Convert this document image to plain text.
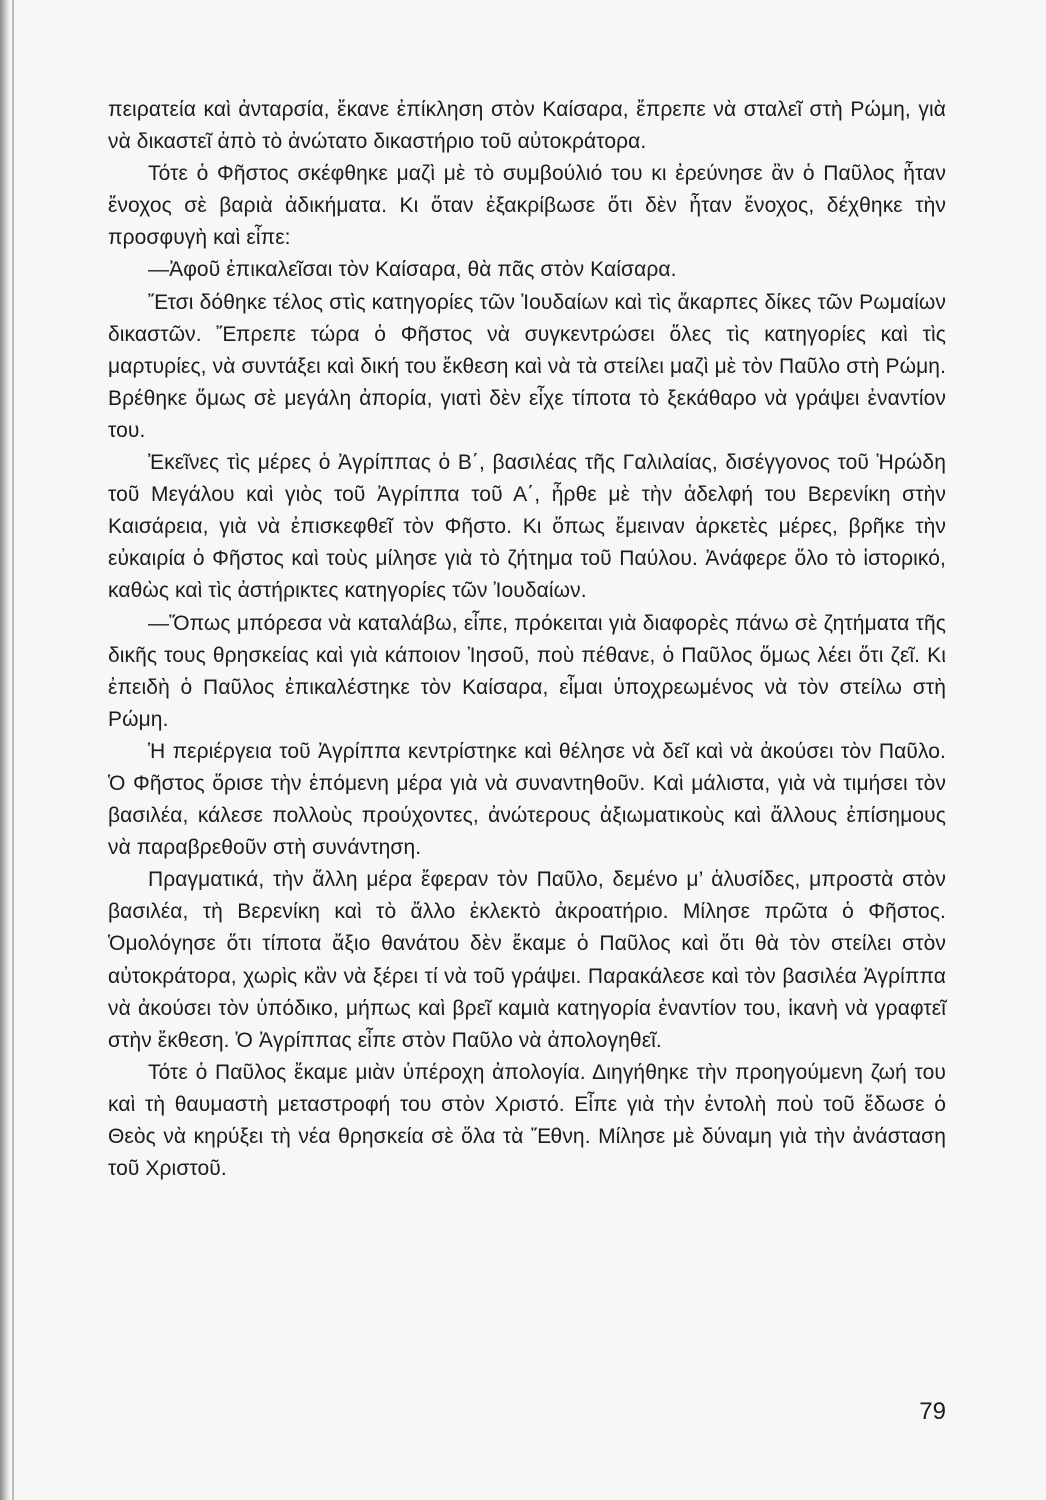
πειρατεία καὶ ἀνταρσία, ἔκανε ἐπίκληση στὸν Καίσαρα, ἔπρεπε νὰ σταλεῖ στὴ Ρώμη, γιὰ νὰ δικαστεῖ ἀπὸ τὸ ἀνώτατο δικαστήριο τοῦ αὐτοκράτορα.

Τότε ὁ Φῆστος σκέφθηκε μαζὶ μὲ τὸ συμβούλιό του κι ἐρεύνησε ἂν ὁ Παῦλος ἦταν ἔνοχος σὲ βαριὰ ἀδικήματα. Κι ὅταν ἐξακρίβωσε ὅτι δὲν ἦταν ἔνοχος, δέχθηκε τὴν προσφυγὴ καὶ εἶπε:

—Ἀφοῦ ἐπικαλεῖσαι τὸν Καίσαρα, θὰ πᾶς στὸν Καίσαρα.

Ἔτσι δόθηκε τέλος στὶς κατηγορίες τῶν Ἰουδαίων καὶ τὶς ἄκαρπες δίκες τῶν Ρωμαίων δικαστῶν. Ἔπρεπε τώρα ὁ Φῆστος νὰ συγκεντρώσει ὅλες τὶς κατηγορίες καὶ τὶς μαρτυρίες, νὰ συντάξει καὶ δική του ἔκθεση καὶ νὰ τὰ στείλει μαζὶ μὲ τὸν Παῦλο στὴ Ρώμη. Βρέθηκε ὅμως σὲ μεγάλη ἀπορία, γιατὶ δὲν εἶχε τίποτα τὸ ξεκάθαρο νὰ γράψει ἐναντίον του.

Ἐκεῖνες τὶς μέρες ὁ Ἀγρίππας ὁ Β΄, βασιλέας τῆς Γαλιλαίας, δισέγγονος τοῦ Ἡρώδη τοῦ Μεγάλου καὶ γιὸς τοῦ Ἀγρίππα τοῦ Α΄, ἦρθε μὲ τὴν ἀδελφή του Βερενίκη στὴν Καισάρεια, γιὰ νὰ ἐπισκεφθεῖ τὸν Φῆστο. Κι ὅπως ἔμειναν ἀρκετὲς μέρες, βρῆκε τὴν εὐκαιρία ὁ Φῆστος καὶ τοὺς μίλησε γιὰ τὸ ζήτημα τοῦ Παύλου. Ἀνάφερε ὅλο τὸ ἱστορικό, καθὼς καὶ τὶς ἀστήρικτες κατηγορίες τῶν Ἰουδαίων.

—Ὅπως μπόρεσα νὰ καταλάβω, εἶπε, πρόκειται γιὰ διαφορὲς πάνω σὲ ζητήματα τῆς δικῆς τους θρησκείας καὶ γιὰ κάποιον Ἰησοῦ, ποὺ πέθανε, ὁ Παῦλος ὅμως λέει ὅτι ζεῖ. Κι ἐπειδὴ ὁ Παῦλος ἐπικαλέστηκε τὸν Καίσαρα, εἶμαι ὑποχρεωμένος νὰ τὸν στείλω στὴ Ρώμη.

Ἡ περιέργεια τοῦ Ἀγρίππα κεντρίστηκε καὶ θέλησε νὰ δεῖ καὶ νὰ ἀκούσει τὸν Παῦλο. Ὁ Φῆστος ὅρισε τὴν ἑπόμενη μέρα γιὰ νὰ συναντηθοῦν. Καὶ μάλιστα, γιὰ νὰ τιμήσει τὸν βασιλέα, κάλεσε πολλοὺς προύχοντες, ἀνώτερους ἀξιωματικοὺς καὶ ἄλλους ἐπίσημους νὰ παραβρεθοῦν στὴ συνάντηση.

Πραγματικά, τὴν ἄλλη μέρα ἔφεραν τὸν Παῦλο, δεμένο μ’ ἁλυσίδες, μπροστὰ στὸν βασιλέα, τὴ Βερενίκη καὶ τὸ ἄλλο ἐκλεκτὸ ἀκροατήριο. Μίλησε πρῶτα ὁ Φῆστος. Ὁμολόγησε ὅτι τίποτα ἄξιο θανάτου δὲν ἔκαμε ὁ Παῦλος καὶ ὅτι θὰ τὸν στείλει στὸν αὐτοκράτορα, χωρὶς κἂν νὰ ξέρει τί νὰ τοῦ γράψει. Παρακάλεσε καὶ τὸν βασιλέα Ἀγρίππα νὰ ἀκούσει τὸν ὑπόδικο, μήπως καὶ βρεῖ καμιὰ κατηγορία ἐναντίον του, ἱκανὴ νὰ γραφτεῖ στὴν ἔκθεση. Ὁ Ἀγρίππας εἶπε στὸν Παῦλο νὰ ἀπολογηθεῖ.

Τότε ὁ Παῦλος ἔκαμε μιὰν ὑπέροχη ἀπολογία. Διηγήθηκε τὴν προηγούμενη ζωή του καὶ τὴ θαυμαστὴ μεταστροφή του στὸν Χριστό. Εἶπε γιὰ τὴν ἐντολὴ ποὺ τοῦ ἔδωσε ὁ Θεὸς νὰ κηρύξει τὴ νέα θρησκεία σὲ ὅλα τὰ Ἔθνη. Μίλησε μὲ δύναμη γιὰ τὴν ἀνάσταση τοῦ Χριστοῦ.

79
